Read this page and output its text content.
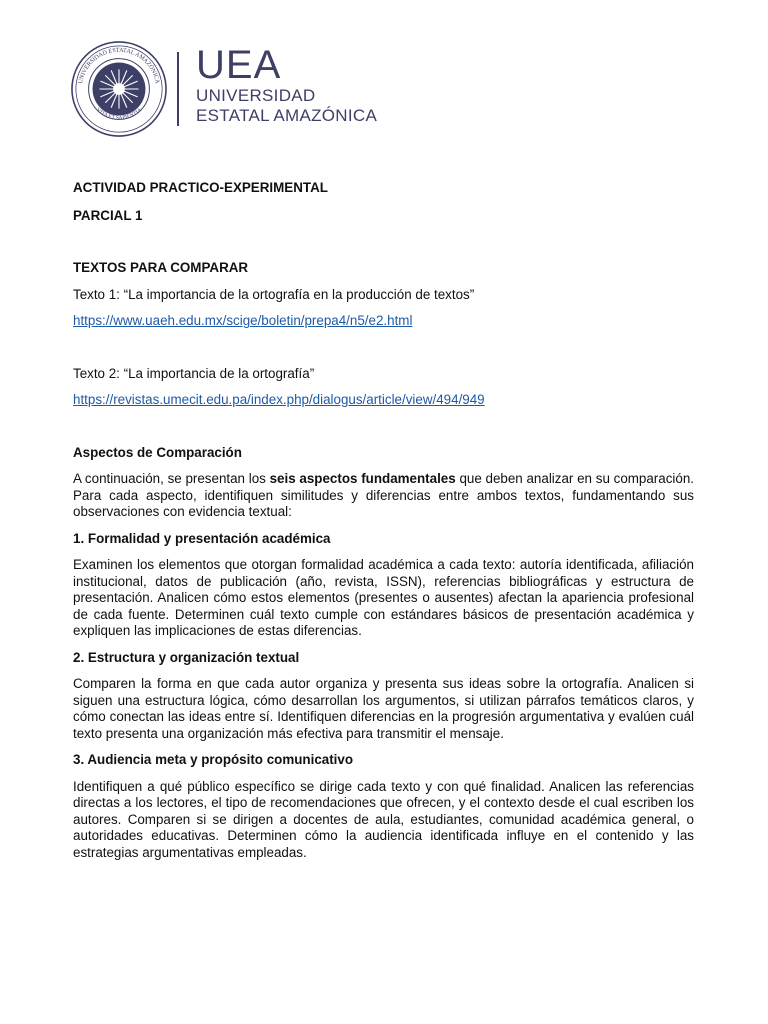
UNIVERSIDAD ESTATAL AMAZÓNICA
VITA ET SAPIENTIA
UEA
UNIVERSIDAD
ESTATAL AMAZÓNICA

ACTIVIDAD PRACTICO-EXPERIMENTAL

PARCIAL 1

TEXTOS PARA COMPARAR

Texto 1: “La importancia de la ortografía en la producción de textos”

https://www.uaeh.edu.mx/scige/boletin/prepa4/n5/e2.html

Texto 2: “La importancia de la ortografía”

https://revistas.umecit.edu.pa/index.php/dialogus/article/view/494/949

Aspectos de Comparación

A continuación, se presentan los seis aspectos fundamentales que deben analizar en su comparación. Para cada aspecto, identifiquen similitudes y diferencias entre ambos textos, fundamentando sus observaciones con evidencia textual:

1. Formalidad y presentación académica

Examinen los elementos que otorgan formalidad académica a cada texto: autoría identificada, afiliación institucional, datos de publicación (año, revista, ISSN), referencias bibliográficas y estructura de presentación. Analicen cómo estos elementos (presentes o ausentes) afectan la apariencia profesional de cada fuente. Determinen cuál texto cumple con estándares básicos de presentación académica y expliquen las implicaciones de estas diferencias.

2. Estructura y organización textual

Comparen la forma en que cada autor organiza y presenta sus ideas sobre la ortografía. Analicen si siguen una estructura lógica, cómo desarrollan los argumentos, si utilizan párrafos temáticos claros, y cómo conectan las ideas entre sí. Identifiquen diferencias en la progresión argumentativa y evalúen cuál texto presenta una organización más efectiva para transmitir el mensaje.

3. Audiencia meta y propósito comunicativo

Identifiquen a qué público específico se dirige cada texto y con qué finalidad. Analicen las referencias directas a los lectores, el tipo de recomendaciones que ofrecen, y el contexto desde el cual escriben los autores. Comparen si se dirigen a docentes de aula, estudiantes, comunidad académica general, o autoridades educativas. Determinen cómo la audiencia identificada influye en el contenido y las estrategias argumentativas empleadas.
